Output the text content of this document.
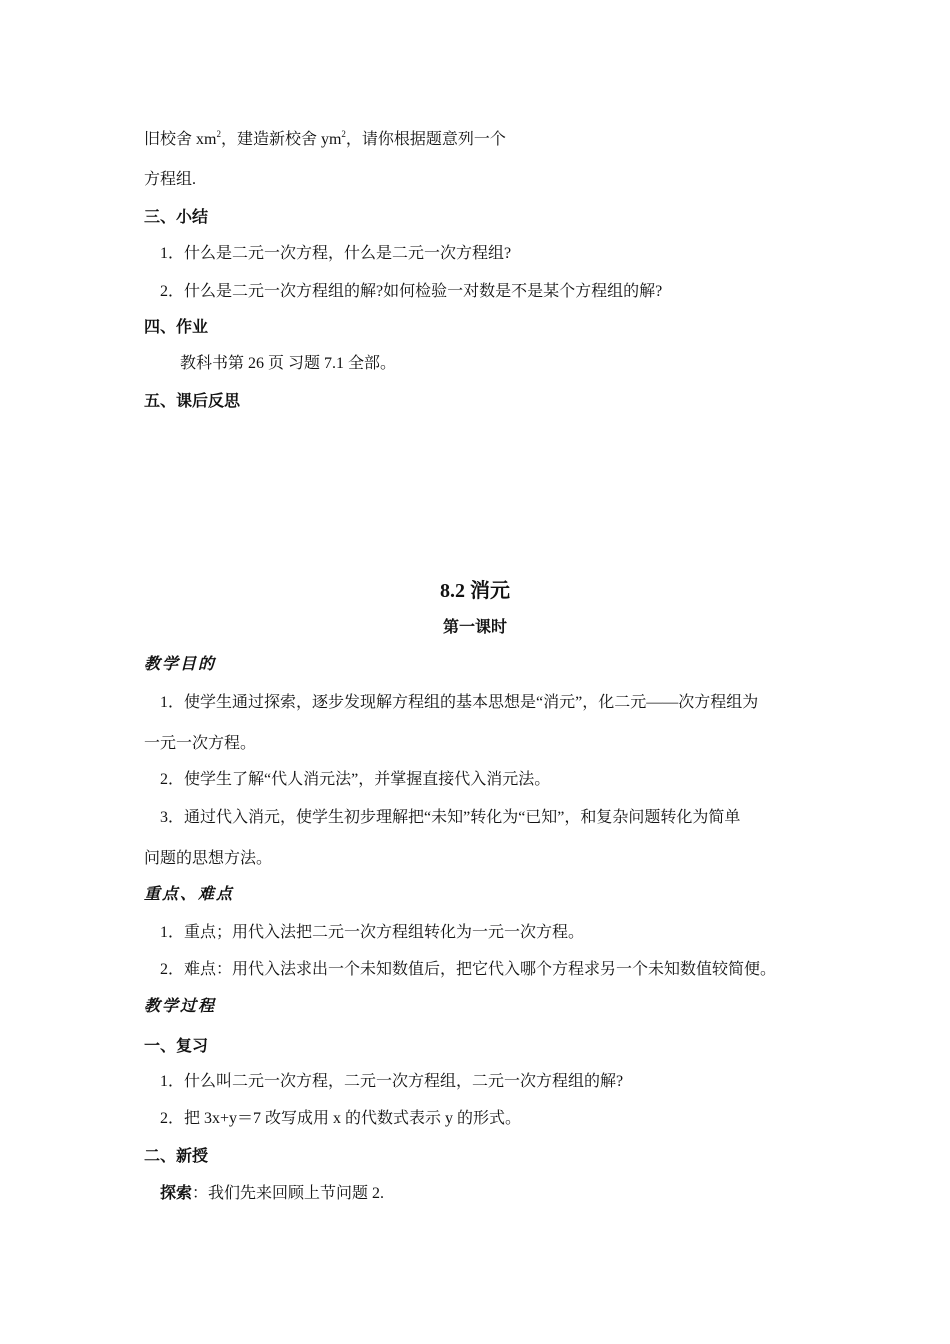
旧校舍 $xm^2$，建造新校舍 $ym^2$，请你根据题意列一个
方程组.
三、小结
1．什么是二元一次方程，什么是二元一次方程组?
2．什么是二元一次方程组的解?如何检验一对数是不是某个方程组的解?
四、作业
教科书第 26 页 习题 7.1 全部。
五、课后反思
8.2 消元
第一课时
教学目的
1．使学生通过探索，逐步发现解方程组的基本思想是“消元”，化二元——次方程组为
一元一次方程。
2．使学生了解“代人消元法”，并掌握直接代入消元法。
3．通过代入消元，使学生初步理解把“未知”转化为“已知”，和复杂问题转化为简单
问题的思想方法。
重点、难点
1．重点；用代入法把二元一次方程组转化为一元一次方程。
2．难点：用代入法求出一个未知数值后，把它代入哪个方程求另一个未知数值较简便。
教学过程
一、复习
1．什么叫二元一次方程，二元一次方程组，二元一次方程组的解?
2．把 3x+y＝7 改写成用 x 的代数式表示 y 的形式。
二、新授
探索：我们先来回顾上节问题 2.
